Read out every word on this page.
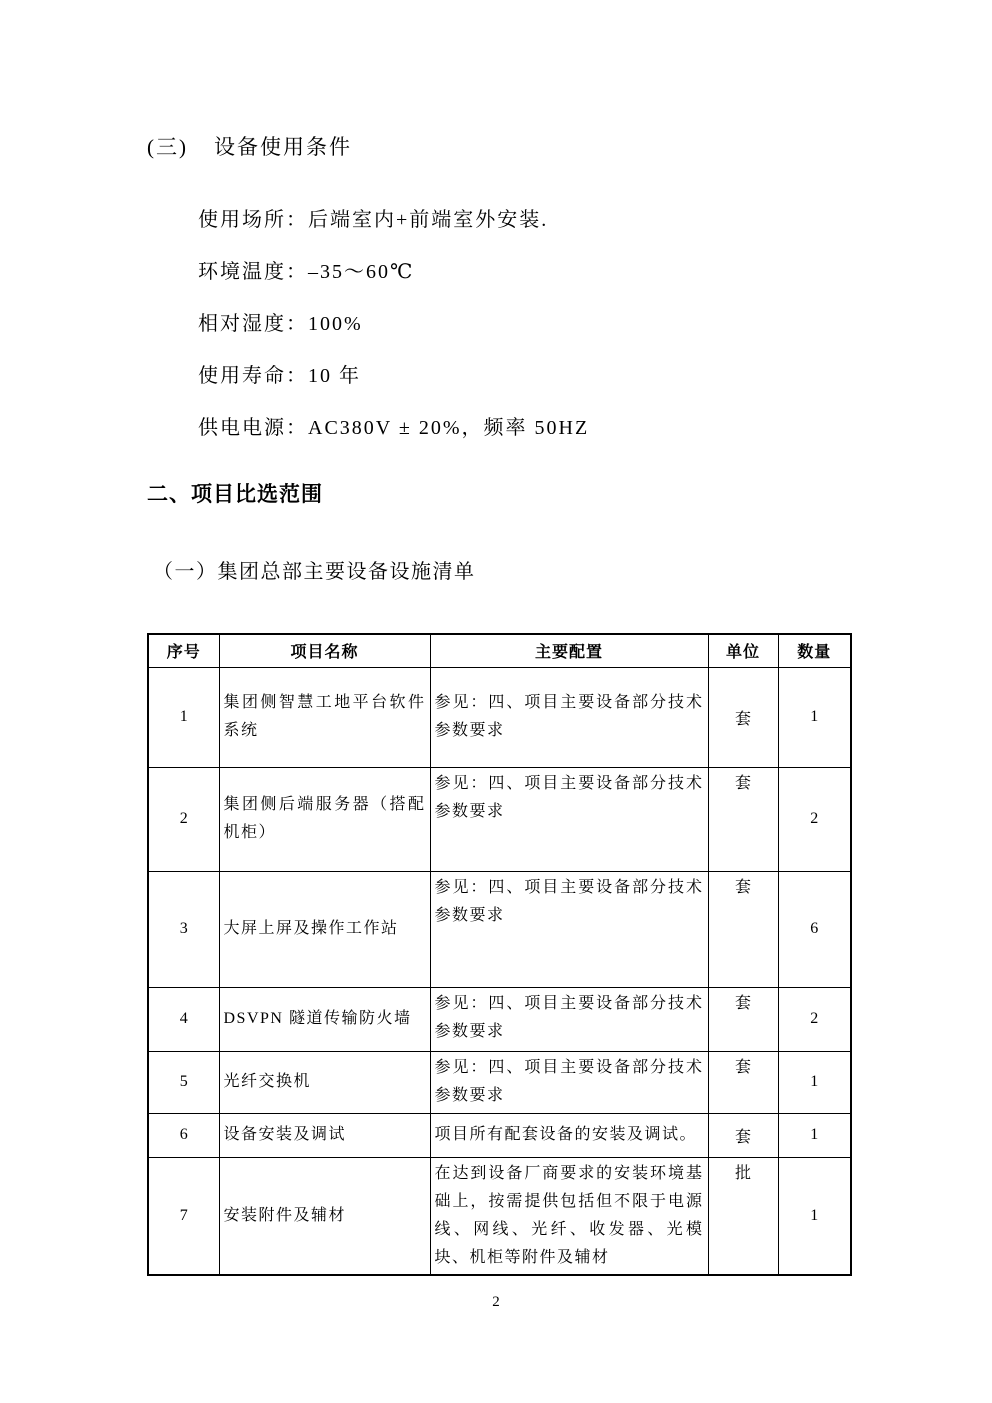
(三) 设备使用条件

使用场所：后端室内+前端室外安装.

环境温度：–35～60℃

相对湿度：100%

使用寿命：10 年

供电电源：AC380V ± 20%，频率 50HZ

二、项目比选范围
（一）集团总部主要设备设施清单
序号	项目名称	主要配置	单位	数量
1	集团侧智慧工地平台软件系统	参见：四、项目主要设备部分技术参数要求	套	1
2	集团侧后端服务器（搭配机柜）	参见：四、项目主要设备部分技术参数要求	套	2
3	大屏上屏及操作工作站	参见：四、项目主要设备部分技术参数要求	套	6
4	DSVPN 隧道传输防火墙	参见：四、项目主要设备部分技术参数要求	套	2
5	光纤交换机	参见：四、项目主要设备部分技术参数要求	套	1
6	设备安装及调试	项目所有配套设备的安装及调试。	套	1
7	安装附件及辅材	在达到设备厂商要求的安装环境基础上，按需提供包括但不限于电源线、网线、光纤、收发器、光模块、机柜等附件及辅材	批	1
2
